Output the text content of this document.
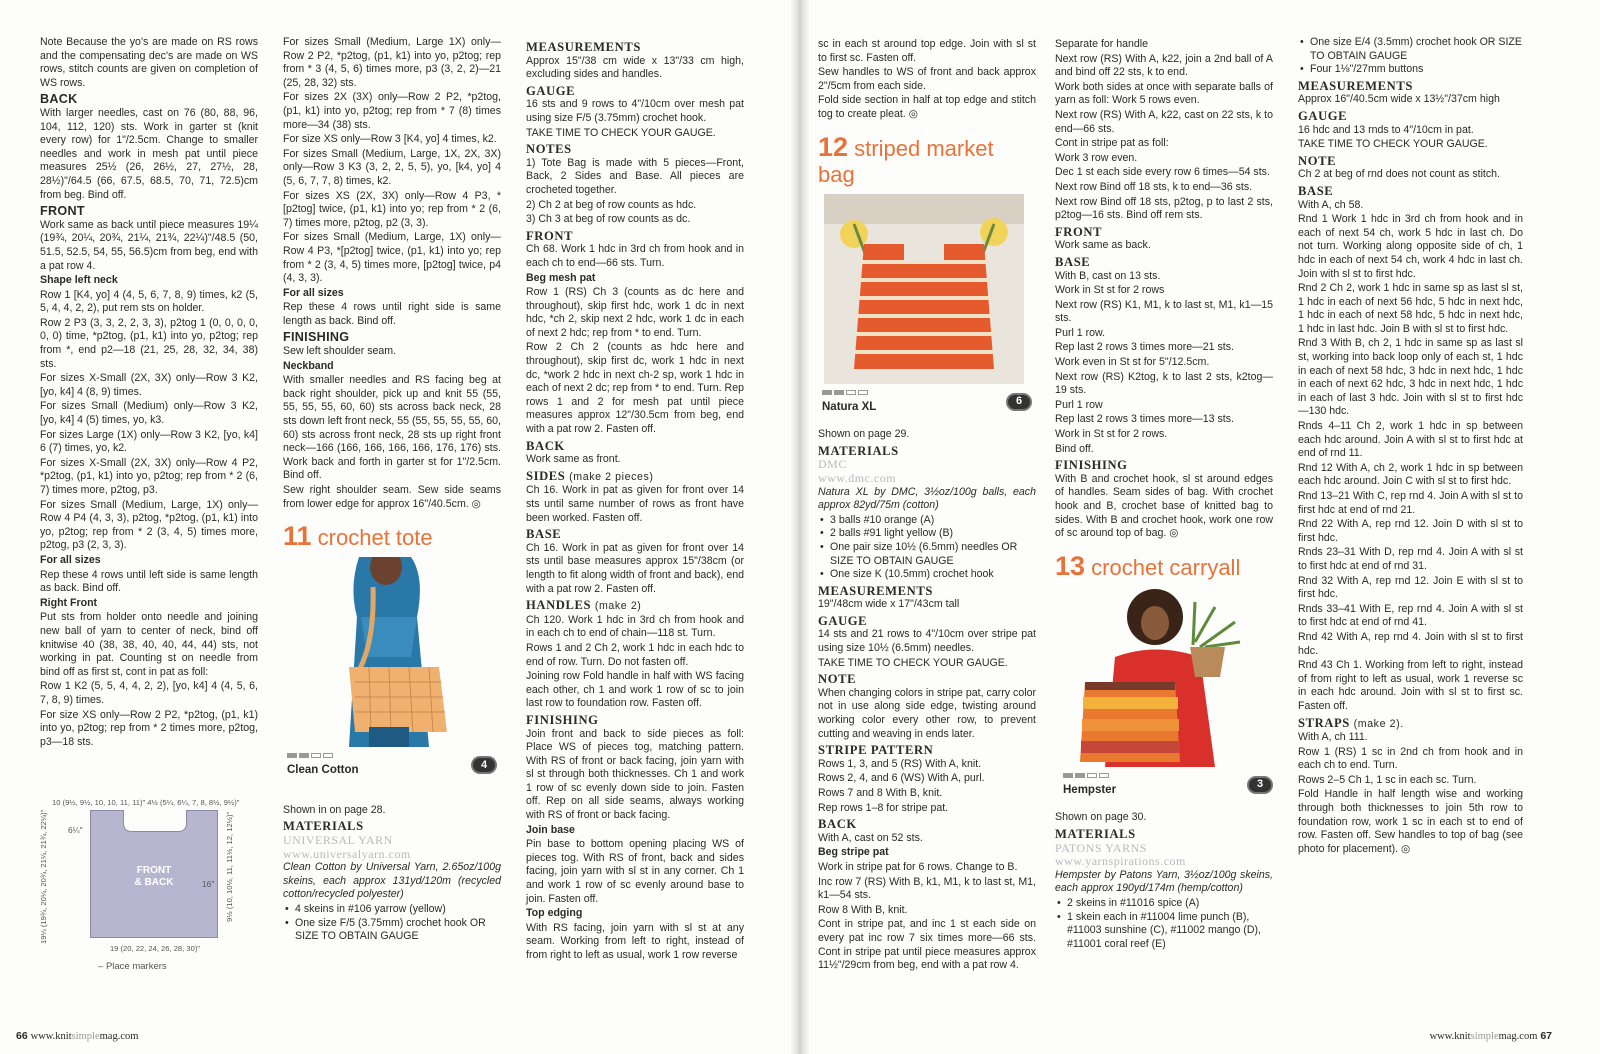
Note Because the yo's are made on RS rows and the compensating dec's are made on WS rows, stitch counts are given on completion of WS rows.

BACK

With larger needles, cast on 76 (80, 88, 96, 104, 112, 120) sts. Work in garter st (knit every row) for 1"/2.5cm. Change to smaller needles and work in mesh pat until piece measures 25½ (26, 26½, 27, 27½, 28, 28½)"/64.5 (66, 67.5, 68.5, 70, 71, 72.5)cm from beg. Bind off.

FRONT

Work same as back until piece measures 19¼ (19¾, 20¼, 20¾, 21¼, 21¾, 22¼)"/48.5 (50, 51.5, 52.5, 54, 55, 56.5)cm from beg, end with a pat row 4.

Shape left neck

Row 1 [K4, yo] 4 (4, 5, 6, 7, 8, 9) times, k2 (5, 5, 4, 4, 2, 2), put rem sts on holder.

Row 2 P3 (3, 3, 2, 2, 3, 3), p2tog 1 (0, 0, 0, 0, 0, 0) time, *p2tog, (p1, k1) into yo, p2tog; rep from *, end p2—18 (21, 25, 28, 32, 34, 38) sts.

For sizes X-Small (2X, 3X) only—Row 3 K2, [yo, k4] 4 (8, 9) times.

For sizes Small (Medium) only—Row 3 K2, [yo, k4] 4 (5) times, yo, k3.

For sizes Large (1X) only—Row 3 K2, [yo, k4] 6 (7) times, yo, k2.

For sizes X-Small (2X, 3X) only—Row 4 P2, *p2tog, (p1, k1) into yo, p2tog; rep from * 2 (6, 7) times more, p2tog, p3.

For sizes Small (Medium, Large, 1X) only—Row 4 P4 (4, 3, 3), p2tog, *p2tog, (p1, k1) into yo, p2tog; rep from * 2 (3, 4, 5) times more, p2tog, p3 (2, 3, 3).

For all sizes

Rep these 4 rows until left side is same length as back. Bind off.

Right Front

Put sts from holder onto needle and joining new ball of yarn to center of neck, bind off knitwise 40 (38, 38, 40, 40, 44, 44) sts, not working in pat. Counting st on needle from bind off as first st, cont in pat as foll:

Row 1 K2 (5, 5, 4, 4, 2, 2), [yo, k4] 4 (4, 5, 6, 7, 8, 9) times.

For size XS only—Row 2 P2, *p2tog, (p1, k1) into yo, p2tog; rep from * 2 times more, p2tog, p3—18 sts.

10 (9½, 9½, 10, 10, 11, 11)" 4½ (5¼, 6¼, 7, 8, 8½, 9½)"
FRONT
& BACK
6¼"
19¼ (19¾, 20¼, 20¾, 21¼, 21¾, 22¼)"	16" 9½ (10, 10½, 11, 11½, 12, 12½)"
19 (20, 22, 24, 26, 28, 30)"
– Place markers

For sizes Small (Medium, Large 1X) only—Row 2 P2, *p2tog, (p1, k1) into yo, p2tog; rep from * 3 (4, 5, 6) times more, p3 (3, 2, 2)—21 (25, 28, 32) sts.

For sizes 2X (3X) only—Row 2 P2, *p2tog, (p1, k1) into yo, p2tog; rep from * 7 (8) times more—34 (38) sts.

For size XS only—Row 3 [K4, yo] 4 times, k2.

For sizes Small (Medium, Large, 1X, 2X, 3X) only—Row 3 K3 (3, 2, 2, 5, 5), yo, [k4, yo] 4 (5, 6, 7, 7, 8) times, k2.

For sizes XS (2X, 3X) only—Row 4 P3, *[p2tog] twice, (p1, k1) into yo; rep from * 2 (6, 7) times more, p2tog, p2 (3, 3).

For sizes Small (Medium, Large, 1X) only—Row 4 P3, *[p2tog] twice, (p1, k1) into yo; rep from * 2 (3, 4, 5) times more, [p2tog] twice, p4 (4, 3, 3).

For all sizes

Rep these 4 rows until right side is same length as back. Bind off.

FINISHING

Sew left shoulder seam.

Neckband

With smaller needles and RS facing beg at back right shoulder, pick up and knit 55 (55, 55, 55, 55, 60, 60) sts across back neck, 28 sts down left front neck, 55 (55, 55, 55, 55, 60, 60) sts across front neck, 28 sts up right front neck—166 (166, 166, 166, 166, 176, 176) sts. Work back and forth in garter st for 1"/2.5cm. Bind off.

Sew right shoulder seam. Sew side seams from lower edge for approx 16"/40.5cm. ◎

11 crochet tote
Clean Cotton	4

Shown in on page 28.

MATERIALS
UNIVERSAL YARN
www.universalyarn.com

Clean Cotton by Universal Yarn, 2.65oz/100g skeins, each approx 131yd/120m (recycled cotton/recycled polyester)

• 4 skeins in #106 yarrow (yellow)
• One size F/5 (3.75mm) crochet hook OR SIZE TO OBTAIN GAUGE
MEASUREMENTS

Approx 15"/38 cm wide x 13"/33 cm high, excluding sides and handles.

GAUGE

16 sts and 9 rows to 4"/10cm over mesh pat using size F/5 (3.75mm) crochet hook.

TAKE TIME TO CHECK YOUR GAUGE.

NOTES

1) Tote Bag is made with 5 pieces—Front, Back, 2 Sides and Base. All pieces are crocheted together.

2) Ch 2 at beg of row counts as hdc.

3) Ch 3 at beg of row counts as dc.

FRONT

Ch 68. Work 1 hdc in 3rd ch from hook and in each ch to end—66 sts. Turn.

Beg mesh pat

Row 1 (RS) Ch 3 (counts as dc here and throughout), skip first hdc, work 1 dc in next hdc, *ch 2, skip next 2 hdc, work 1 dc in each of next 2 hdc; rep from * to end. Turn.

Row 2 Ch 2 (counts as hdc here and throughout), skip first dc, work 1 hdc in next dc, *work 2 hdc in next ch-2 sp, work 1 hdc in each of next 2 dc; rep from * to end. Turn. Rep rows 1 and 2 for mesh pat until piece measures approx 12"/30.5cm from beg, end with a pat row 2. Fasten off.

BACK

Work same as front.

SIDES (make 2 pieces)

Ch 16. Work in pat as given for front over 14 sts until same number of rows as front have been worked. Fasten off.

BASE

Ch 16. Work in pat as given for front over 14 sts until base measures approx 15"/38cm (or length to fit along width of front and back), end with a pat row 2. Fasten off.

HANDLES (make 2)

Ch 120. Work 1 hdc in 3rd ch from hook and in each ch to end of chain—118 st. Turn.

Rows 1 and 2 Ch 2, work 1 hdc in each hdc to end of row. Turn. Do not fasten off.

Joining row Fold handle in half with WS facing each other, ch 1 and work 1 row of sc to join last row to foundation row. Fasten off.

FINISHING

Join front and back to side pieces as foll: Place WS of pieces tog, matching pattern. With RS of front or back facing, join yarn with sl st through both thicknesses. Ch 1 and work 1 row of sc evenly down side to join. Fasten off. Rep on all side seams, always working with RS of front or back facing.

Join base

Pin base to bottom opening placing WS of pieces tog. With RS of front, back and sides facing, join yarn with sl st in any corner. Ch 1 and work 1 row of sc evenly around base to join. Fasten off.

Top edging

With RS facing, join yarn with sl st at any seam. Working from left to right, instead of from right to left as usual, work 1 row reverse

sc in each st around top edge. Join with sl st to first sc. Fasten off.

Sew handles to WS of front and back approx 2"/5cm from each side.

Fold side section in half at top edge and stitch tog to create pleat. ◎

12 striped market bag
Natura XL	6

Shown on page 29.

MATERIALS
DMC
www.dmc.com

Natura XL by DMC, 3½oz/100g balls, each approx 82yd/75m (cotton)

• 3 balls #10 orange (A)
• 2 balls #91 light yellow (B)
• One pair size 10½ (6.5mm) needles OR SIZE TO OBTAIN GAUGE
• One size K (10.5mm) crochet hook
MEASUREMENTS

19"/48cm wide x 17"/43cm tall

GAUGE

14 sts and 21 rows to 4"/10cm over stripe pat using size 10½ (6.5mm) needles.

TAKE TIME TO CHECK YOUR GAUGE.

NOTE

When changing colors in stripe pat, carry color not in use along side edge, twisting around working color every other row, to prevent cutting and weaving in ends later.

STRIPE PATTERN

Rows 1, 3, and 5 (RS) With A, knit.

Rows 2, 4, and 6 (WS) With A, purl.

Rows 7 and 8 With B, knit.

Rep rows 1–8 for stripe pat.

BACK

With A, cast on 52 sts.

Beg stripe pat

Work in stripe pat for 6 rows. Change to B.

Inc row 7 (RS) With B, k1, M1, k to last st, M1, k1—54 sts.

Row 8 With B, knit.

Cont in stripe pat, and inc 1 st each side on every pat inc row 7 six times more—66 sts. Cont in stripe pat until piece measures approx 11½"/29cm from beg, end with a pat row 4.

Separate for handle

Next row (RS) With A, k22, join a 2nd ball of A and bind off 22 sts, k to end.

Work both sides at once with separate balls of yarn as foll: Work 5 rows even.

Next row (RS) With A, k22, cast on 22 sts, k to end—66 sts.

Cont in stripe pat as foll:

Work 3 row even.

Dec 1 st each side every row 6 times—54 sts.

Next row Bind off 18 sts, k to end—36 sts.

Next row Bind off 18 sts, p2tog, p to last 2 sts, p2tog—16 sts. Bind off rem sts.

FRONT

Work same as back.

BASE

With B, cast on 13 sts.

Work in St st for 2 rows

Next row (RS) K1, M1, k to last st, M1, k1—15 sts.

Purl 1 row.

Rep last 2 rows 3 times more—21 sts.

Work even in St st for 5"/12.5cm.

Next row (RS) K2tog, k to last 2 sts, k2tog—19 sts.

Purl 1 row

Rep last 2 rows 3 times more—13 sts.

Work in St st for 2 rows.

Bind off.

FINISHING

With B and crochet hook, sl st around edges of handles. Seam sides of bag. With crochet hook and B, crochet base of knitted bag to sides. With B and crochet hook, work one row of sc around top of bag. ◎

13 crochet carryall
Hempster	3

Shown on page 30.

MATERIALS
PATONS YARNS
www.yarnspirations.com

Hempster by Patons Yarn, 3½oz/100g skeins, each approx 190yd/174m (hemp/cotton)

• 2 skeins in #11016 spice (A)
• 1 skein each in #11004 lime punch (B), #11003 sunshine (C), #11002 mango (D), #11001 coral reef (E)
• One size E/4 (3.5mm) crochet hook OR SIZE TO OBTAIN GAUGE
• Four 1⅛"/27mm buttons
MEASUREMENTS

Approx 16"/40.5cm wide x 13½"/37cm high

GAUGE

16 hdc and 13 rnds to 4"/10cm in pat.

TAKE TIME TO CHECK YOUR GAUGE.

NOTE

Ch 2 at beg of rnd does not count as stitch.

BASE

With A, ch 58.

Rnd 1 Work 1 hdc in 3rd ch from hook and in each of next 54 ch, work 5 hdc in last ch. Do not turn. Working along opposite side of ch, 1 hdc in each of next 54 ch, work 4 hdc in last ch. Join with sl st to first hdc.

Rnd 2 Ch 2, work 1 hdc in same sp as last sl st, 1 hdc in each of next 56 hdc, 5 hdc in next hdc, 1 hdc in each of next 58 hdc, 5 hdc in next hdc, 1 hdc in last hdc. Join B with sl st to first hdc.

Rnd 3 With B, ch 2, 1 hdc in same sp as last sl st, working into back loop only of each st, 1 hdc in each of next 58 hdc, 3 hdc in next hdc, 1 hdc in each of next 62 hdc, 3 hdc in next hdc, 1 hdc in each of last 3 hdc. Join with sl st to first hdc—130 hdc.

Rnds 4–11 Ch 2, work 1 hdc in sp between each hdc around. Join A with sl st to first hdc at end of rnd 11.

Rnd 12 With A, ch 2, work 1 hdc in sp between each hdc around. Join C with sl st to first hdc.

Rnd 13–21 With C, rep rnd 4. Join A with sl st to first hdc at end of rnd 21.

Rnd 22 With A, rep rnd 12. Join D with sl st to first hdc.

Rnds 23–31 With D, rep rnd 4. Join A with sl st to first hdc at end of rnd 31.

Rnd 32 With A, rep rnd 12. Join E with sl st to first hdc.

Rnds 33–41 With E, rep rnd 4. Join A with sl st to first hdc at end of rnd 41.

Rnd 42 With A, rep rnd 4. Join with sl st to first hdc.

Rnd 43 Ch 1. Working from left to right, instead of from right to left as usual, work 1 reverse sc in each hdc around. Join with sl st to first sc. Fasten off.

STRAPS (make 2).

With A, ch 111.

Row 1 (RS) 1 sc in 2nd ch from hook and in each ch to end. Turn.

Rows 2–5 Ch 1, 1 sc in each sc. Turn.

Fold Handle in half length wise and working through both thicknesses to join 5th row to foundation row, work 1 sc in each st to end of row. Fasten off. Sew handles to top of bag (see photo for placement). ◎

66 www.knitsimplemag.com	www.knitsimplemag.com 67
